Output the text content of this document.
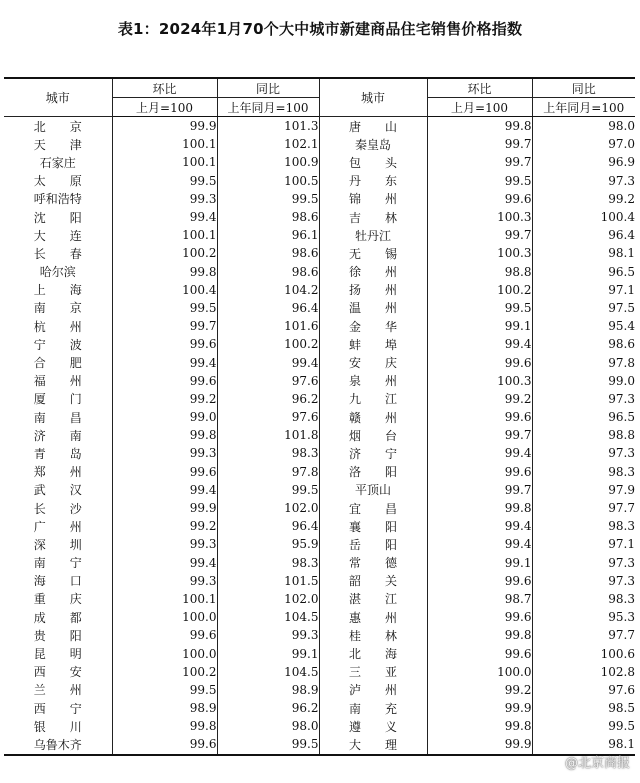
表1：2024年1月70个大中城市新建商品住宅销售价格指数
城市	环比	同比	城市	环比	同比
	上月=100	上年同月=100		上月=100	上年同月=100
北　　京	99.9	101.3	唐　　山	99.8	98.0
天　　津	100.1	102.1	秦皇岛	99.7	97.0
石家庄	100.1	100.9	包　　头	99.7	96.9
太　　原	99.5	100.5	丹　　东	99.5	97.3
呼和浩特	99.3	99.5	锦　　州	99.6	99.2
沈　　阳	99.4	98.6	吉　　林	100.3	100.4
大　　连	100.1	96.1	牡丹江	99.7	96.4
长　　春	100.2	98.6	无　　锡	100.3	98.1
哈尔滨	99.8	98.6	徐　　州	98.8	96.5
上　　海	100.4	104.2	扬　　州	100.2	97.1
南　　京	99.5	96.4	温　　州	99.5	97.5
杭　　州	99.7	101.6	金　　华	99.1	95.4
宁　　波	99.6	100.2	蚌　　埠	99.4	98.6
合　　肥	99.4	99.4	安　　庆	99.6	97.8
福　　州	99.6	97.6	泉　　州	100.3	99.0
厦　　门	99.2	96.2	九　　江	99.2	97.3
南　　昌	99.0	97.6	赣　　州	99.6	96.5
济　　南	99.8	101.8	烟　　台	99.7	98.8
青　　岛	99.3	98.3	济　　宁	99.4	97.3
郑　　州	99.6	97.8	洛　　阳	99.6	98.3
武　　汉	99.4	99.5	平顶山	99.7	97.9
长　　沙	99.9	102.0	宜　　昌	99.8	97.7
广　　州	99.2	96.4	襄　　阳	99.4	98.3
深　　圳	99.3	95.9	岳　　阳	99.4	97.1
南　　宁	99.4	98.3	常　　德	99.1	97.3
海　　口	99.3	101.5	韶　　关	99.6	97.3
重　　庆	100.1	102.0	湛　　江	98.7	98.3
成　　都	100.0	104.5	惠　　州	99.6	95.3
贵　　阳	99.6	99.3	桂　　林	99.8	97.7
昆　　明	100.0	99.1	北　　海	99.6	100.6
西　　安	100.2	104.5	三　　亚	100.0	102.8
兰　　州	99.5	98.9	泸　　州	99.2	97.6
西　　宁	98.9	96.2	南　　充	99.9	98.5
银　　川	99.8	98.0	遵　　义	99.8	99.5
乌鲁木齐	99.6	99.5	大　　理	99.9	98.1
@北京商报
